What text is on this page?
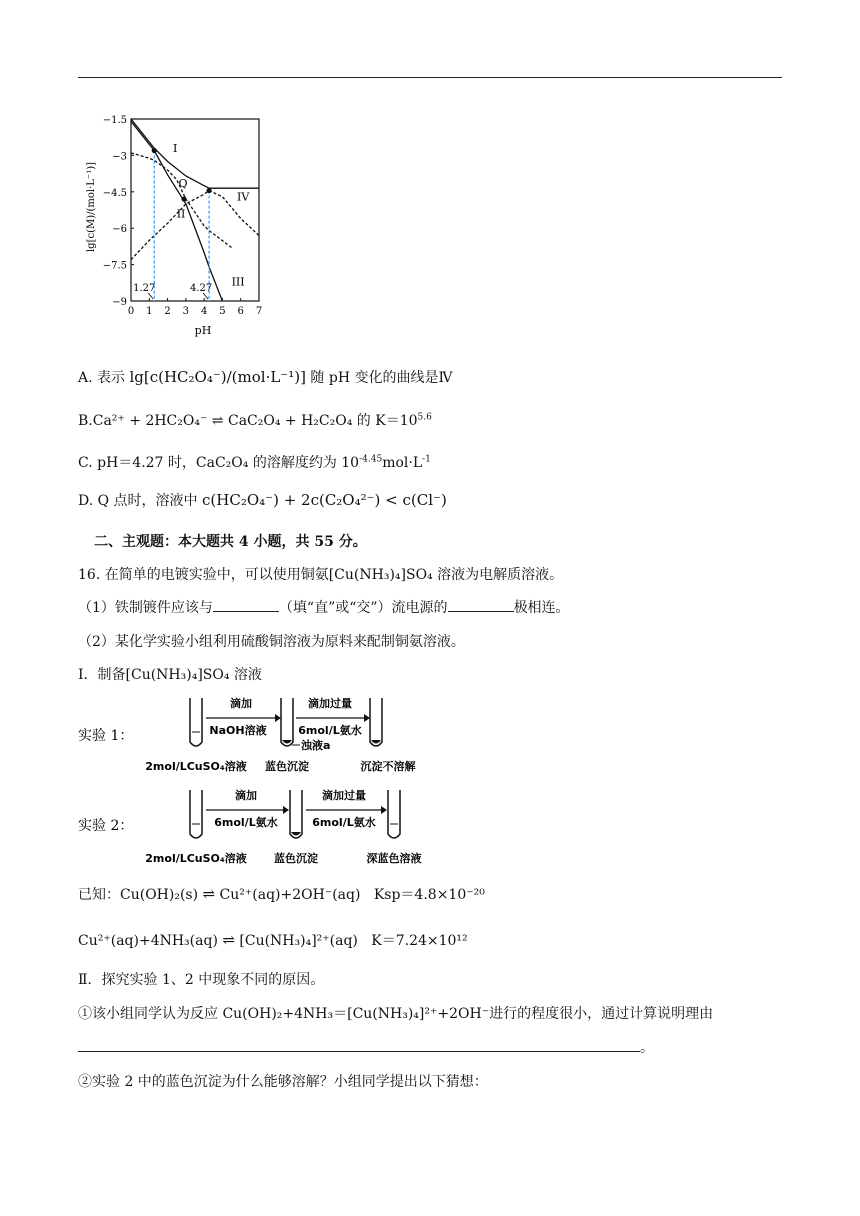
lg[c(M)/(mol·L⁻¹)]
pH
0 1 2 3 4 5 6 7
−1.5
−3
−4.5
−6
−7.5
−9
1.27	4.27
I
II
III
IV
Q
A. 表示 lg[c(HC₂O₄⁻)/(mol·L⁻¹)] 随 pH 变化的曲线是Ⅳ
B.Ca²⁺ + 2HC₂O₄⁻ ⇌ CaC₂O₄ + H₂C₂O₄ 的 $K=10^{5.6}$
C. pH＝4.27 时，CaC₂O₄ 的溶解度约为 $10^{-4.45}mol\cdot L^{-1}$
D. Q 点时，溶液中 c(HC₂O₄⁻) + 2c(C₂O₄²⁻) < c(Cl⁻)
二、主观题：本大题共 4 小题，共 55 分。
16. 在简单的电镀实验中，可以使用铜氨[Cu(NH₃)₄]SO₄ 溶液为电解质溶液。
（1）铁制镀件应该与	（填“直”或“交”）流电源的	极相连。
（2）某化学实验小组利用硫酸铜溶液为原料来配制铜氨溶液。
Ⅰ．制备[Cu(NH₃)₄]SO₄ 溶液
实验 1：
滴加
NaOH溶液
滴加过量
6mol/L氨水
浊液a
2mol/LCuSO₄溶液 蓝色沉淀	沉淀不溶解
实验 2：
滴加
6mol/L氨水
滴加过量
6mol/L氨水
2mol/LCuSO₄溶液 蓝色沉淀	深蓝色溶液
已知：Cu(OH)₂(s) ⇌ Cu²⁺(aq)+2OH⁻(aq) Ksp＝4.8×10⁻²⁰
Cu²⁺(aq)+4NH₃(aq) ⇌ [Cu(NH₃)₄]²⁺(aq) K＝7.24×10¹²
Ⅱ．探究实验 1、2 中现象不同的原因。
①该小组同学认为反应 Cu(OH)₂+4NH₃＝[Cu(NH₃)₄]²⁺+2OH⁻进行的程度很小，通过计算说明理由
。
②实验 2 中的蓝色沉淀为什么能够溶解？小组同学提出以下猜想：
